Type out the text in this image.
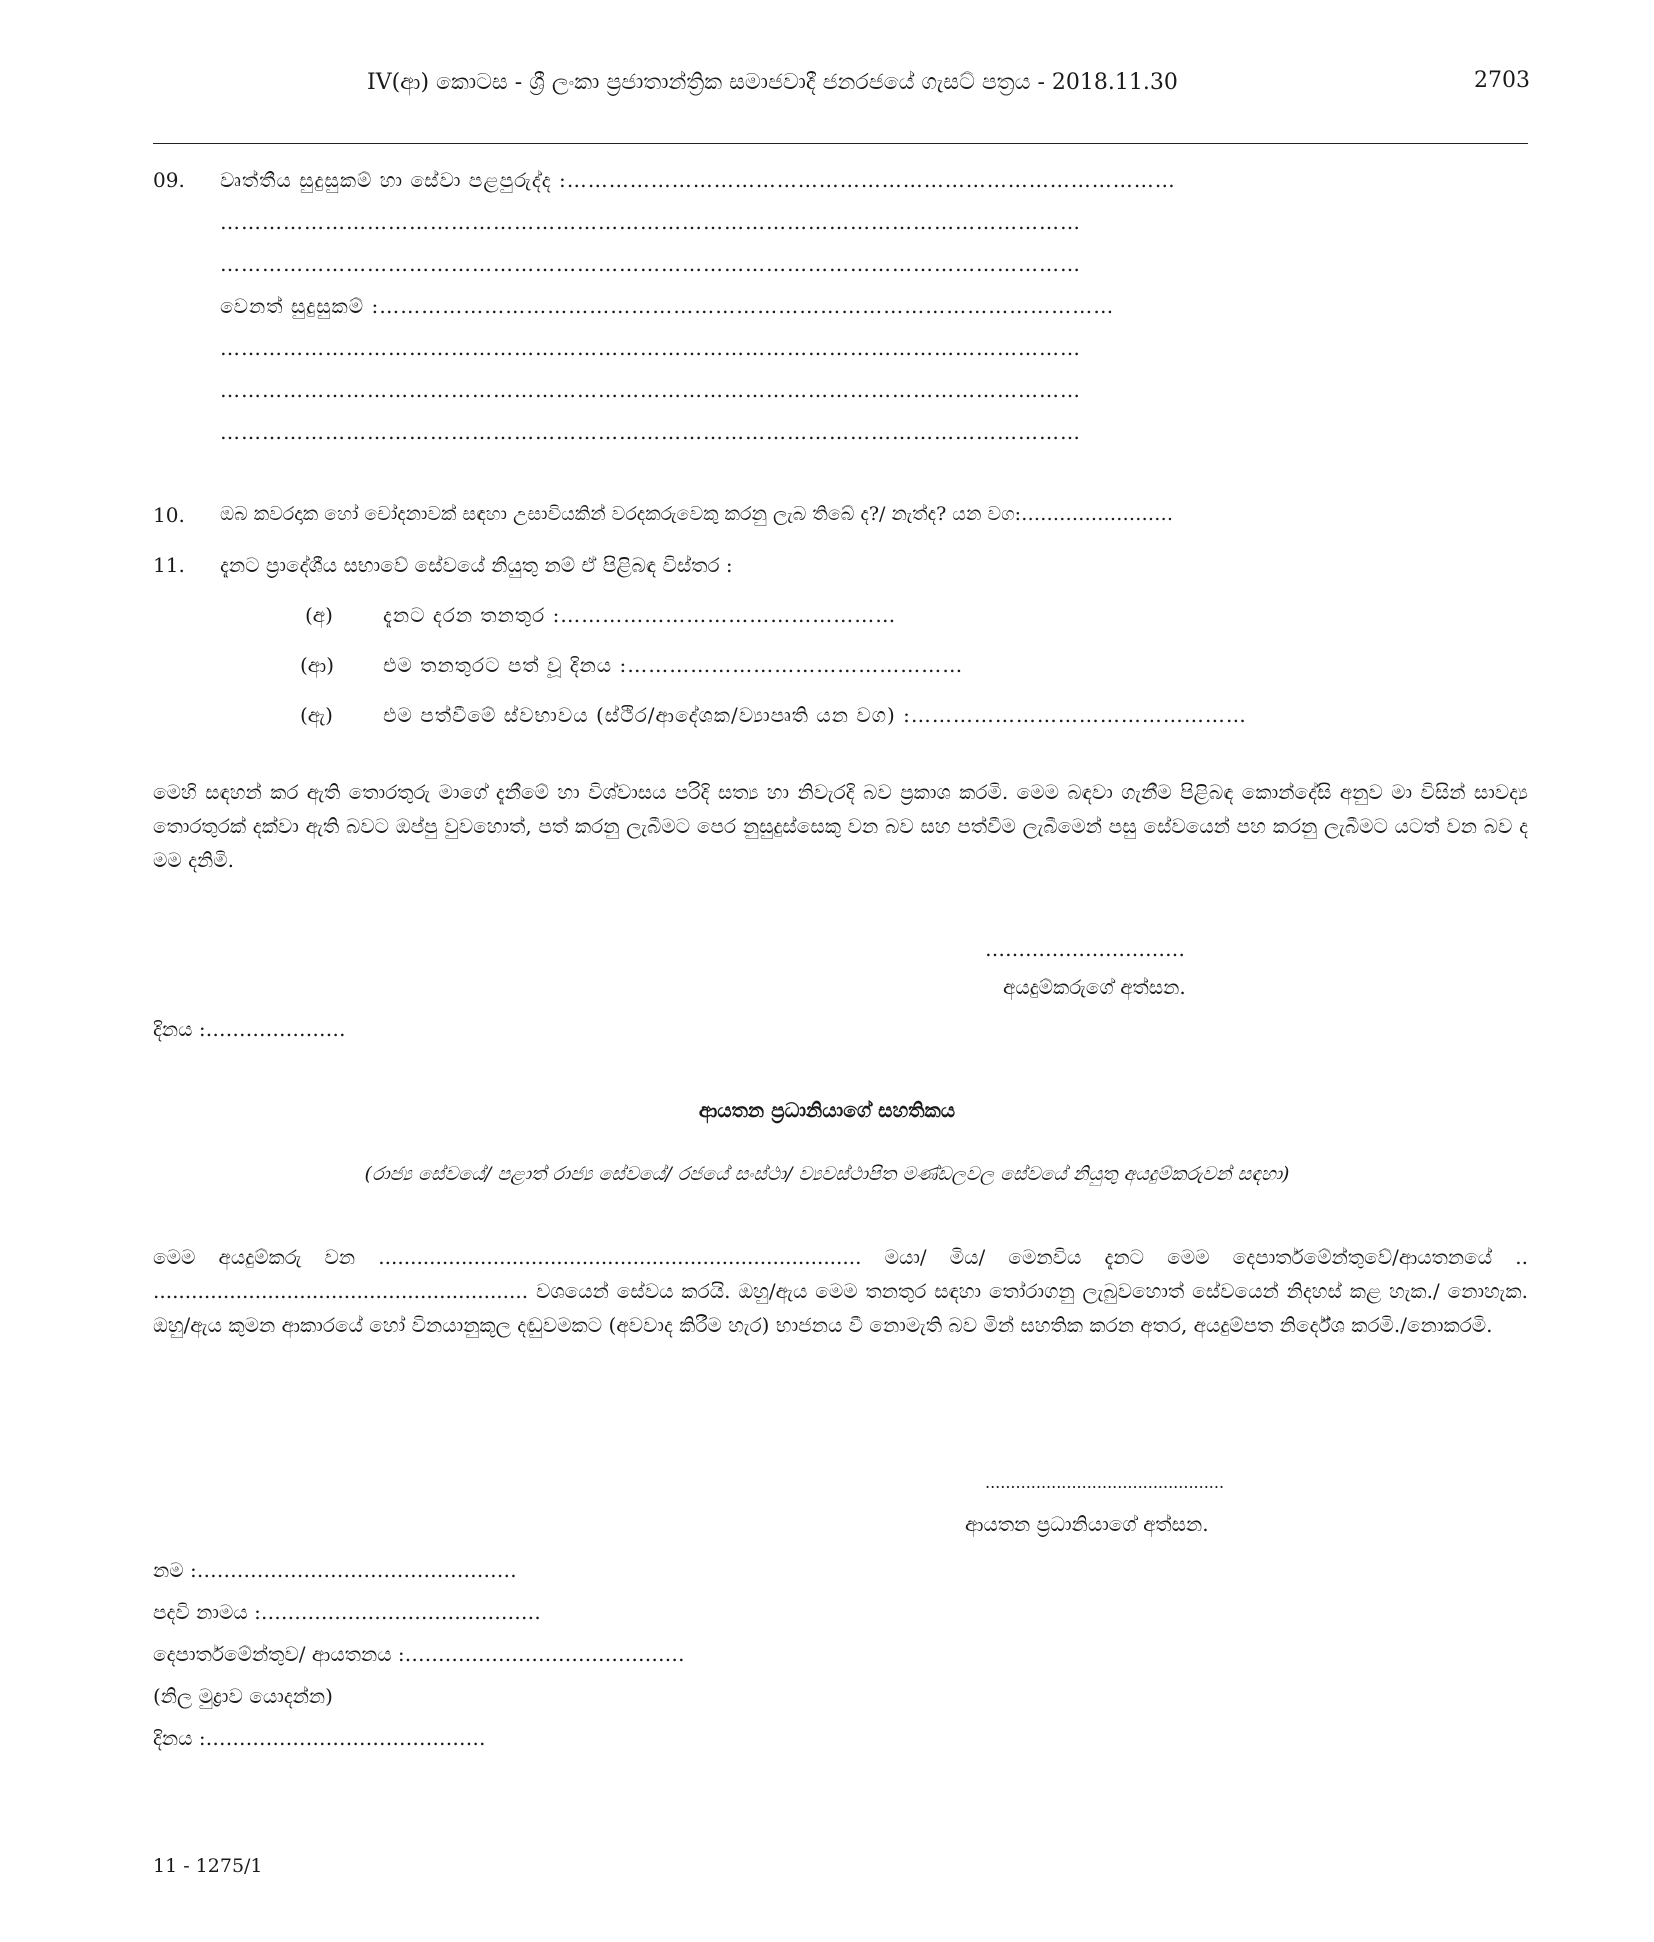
IV(ආ) කොටස - ශ්‍රී ලංකා ප්‍රජාතාන්ත්‍රික සමාජවාදී ජනරජයේ ගැසට් පත්‍රය - 2018.11.30	2703
09. වෘත්තීය සුදුසුකම් හා සේවා පළපුරුද්ද :……………………………………………………………………………
……………………………………………………………………………………………………………
……………………………………………………………………………………………………………
වෙනත් සුදුසුකම් :……………………………………………………………………………………………
……………………………………………………………………………………………………………
……………………………………………………………………………………………………………
……………………………………………………………………………………………………………
10. ඔබ කවරදාක හෝ චෝදනාවක් සඳහා උසාවියකින් වරදකරුවෙකු කරනු ලැබ තිබේ ද?/ නැත්ද? යන වග:……………………
11. දැනට ප්‍රාදේශීය සභාවේ සේවයේ නියුතු නම් ඒ පිළිබඳ විස්තර :
(අ)	දැනට දරන තනතුර :…………………………………………
(ආ) එම තනතුරට පත් වූ දිනය :…………………………………………
(ඇ)	එම පත්වීමේ ස්වභාවය (ස්ථිර/ආදේශක/ව්‍යාපෘති යන වග) :…………………………………………
මෙහි සඳහන් කර ඇති තොරතුරු මාගේ දැනීමේ හා විශ්වාසය පරිදි සත්‍ය හා නිවැරදි බව ප්‍රකාශ කරමි. මෙම බඳවා ගැනීම පිළිබඳ කොන්දේසි අනුව මා විසින් සාවද්‍ය තොරතුරක් දක්වා ඇති බවට ඔප්පු වුවහොත්, පත් කරනු ලැබීමට පෙර නුසුදුස්සෙකු වන බව සහ පත්වීම ලැබීමෙන් පසු සේවයෙන් පහ කරනු ලැබීමට යටත් වන බව ද මම දනිමි.
…………………………
අයදුම්කරුගේ අත්සන.
දිනය :…………………
ආයතන ප්‍රධානියාගේ සහතිකය
(රාජ්‍ය සේවයේ/ පළාත් රාජ්‍ය සේවයේ/ රජයේ සංස්ථා/ ව්‍යවස්ථාපිත මණ්ඩලවල සේවයේ නියුතු අයදුම්කරුවන් සඳහා)
මෙම අයදුම්කරු වන ............................................................................ මයා/ මිය/ මෙනවිය දැනට මෙම දෙපාර්තමේන්තුවේ/ආයතනයේ .. ........................................................... වශයෙන් සේවය කරයි. ඔහු/ඇය මෙම තනතුර සඳහා තෝරාගනු ලැබුවහොත් සේවයෙන් නිදහස් කළ හැක./ නොහැක. ඔහු/ඇය කුමන ආකාරයේ හෝ විනයානුකූල දඬුවමකට (අවවාද කිරීම හැර) භාජනය වී නොමැති බව මින් සහතික කරන අතර, අයදුම්පත නිර්දේශ කරමි./නොකරමි.
...............................................
ආයතන ප්‍රධානියාගේ අත්සන.
නම :…………………………………………
පදවි නාමය :……………………………………
දෙපාර්තමේන්තුව/ ආයතනය :……………………………………
(නිල මුද්‍රාව යොදන්න)
දිනය :……………………………………
11 - 1275/1
